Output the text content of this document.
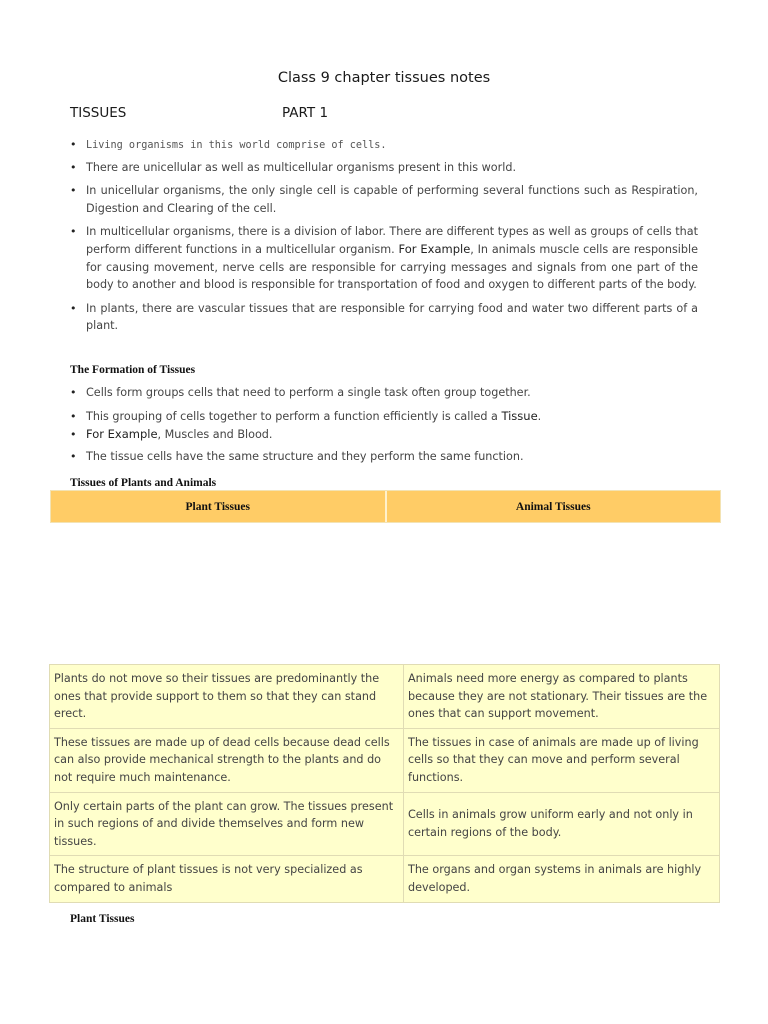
Class 9 chapter tissues notes
TISSUES	PART 1
• Living organisms in this world comprise of cells.
• There are unicellular as well as multicellular organisms present in this world.
• In unicellular organisms, the only single cell is capable of performing several functions such as Respiration, Digestion and Clearing of the cell.
• In multicellular organisms, there is a division of labor. There are different types as well as groups of cells that perform different functions in a multicellular organism. For Example, In animals muscle cells are responsible for causing movement, nerve cells are responsible for carrying messages and signals from one part of the body to another and blood is responsible for transportation of food and oxygen to different parts of the body.
• In plants, there are vascular tissues that are responsible for carrying food and water two different parts of a plant.
The Formation of Tissues
• Cells form groups cells that need to perform a single task often group together.
• This grouping of cells together to perform a function efficiently is called a Tissue.
• For Example, Muscles and Blood.
• The tissue cells have the same structure and they perform the same function.
Tissues of Plants and Animals
Plant Tissues	Animal Tissues
Plants do not move so their tissues are predominantly the ones that provide support to them so that they can stand erect.	Animals need more energy as compared to plants because they are not stationary. Their tissues are the ones that can support movement.
These tissues are made up of dead cells because dead cells can also provide mechanical strength to the plants and do not require much maintenance.	The tissues in case of animals are made up of living cells so that they can move and perform several functions.
Only certain parts of the plant can grow. The tissues present in such regions of and divide themselves and form new tissues.	Cells in animals grow uniform early and not only in certain regions of the body.
The structure of plant tissues is not very specialized as compared to animals	The organs and organ systems in animals are highly developed.
Plant Tissues
